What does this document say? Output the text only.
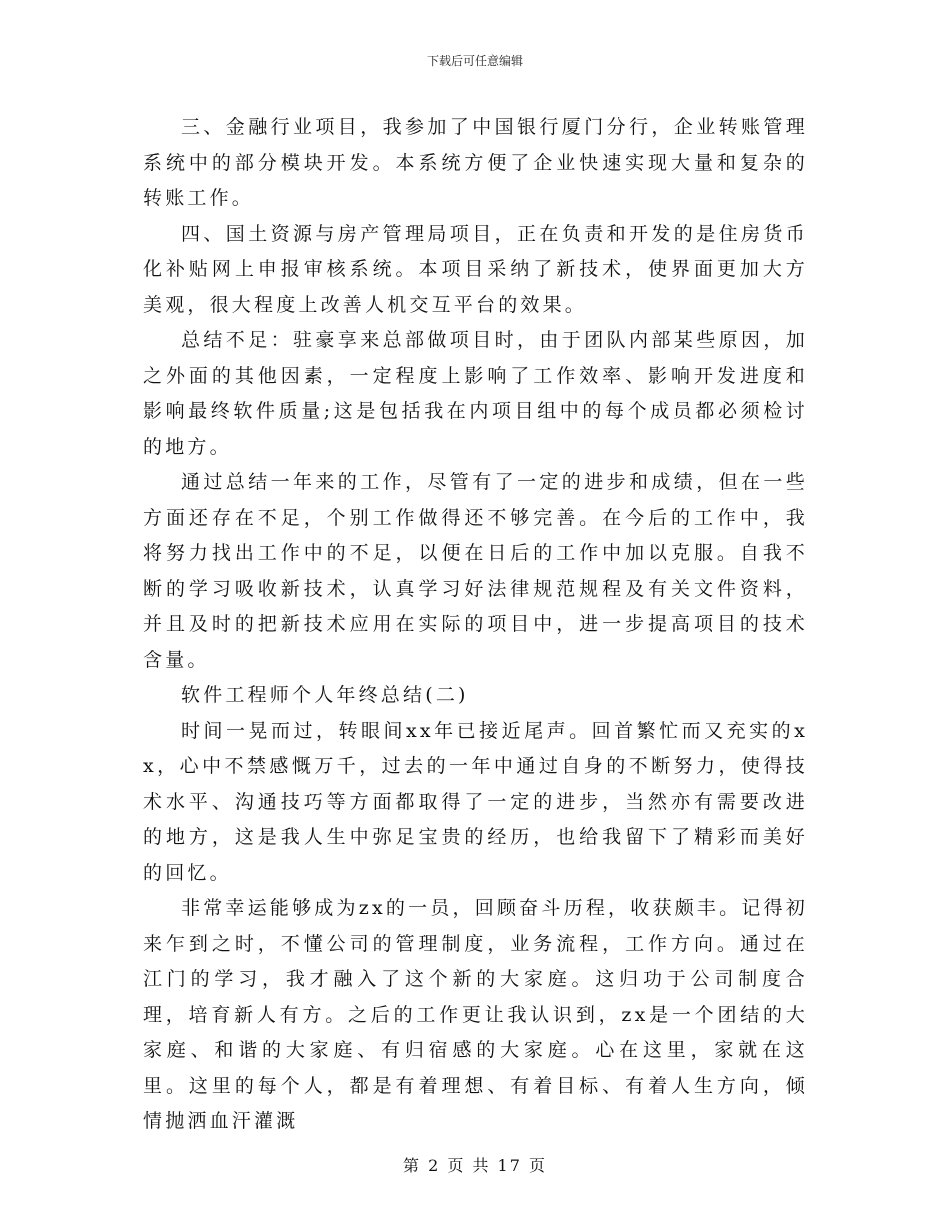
下载后可任意编辑

三、金融行业项目，我参加了中国银行厦门分行，企业转账管理系统中的部分模块开发。本系统方便了企业快速实现大量和复杂的转账工作。

四、国土资源与房产管理局项目，正在负责和开发的是住房货币化补贴网上申报审核系统。本项目采纳了新技术，使界面更加大方美观，很大程度上改善人机交互平台的效果。

总结不足：驻豪享来总部做项目时，由于团队内部某些原因，加之外面的其他因素，一定程度上影响了工作效率、影响开发进度和影响最终软件质量;这是包括我在内项目组中的每个成员都必须检讨的地方。

通过总结一年来的工作，尽管有了一定的进步和成绩，但在一些方面还存在不足，个别工作做得还不够完善。在今后的工作中，我将努力找出工作中的不足，以便在日后的工作中加以克服。自我不断的学习吸收新技术，认真学习好法律规范规程及有关文件资料，并且及时的把新技术应用在实际的项目中，进一步提高项目的技术含量。

软件工程师个人年终总结(二)

时间一晃而过，转眼间xx年已接近尾声。回首繁忙而又充实的xx，心中不禁感慨万千，过去的一年中通过自身的不断努力，使得技术水平、沟通技巧等方面都取得了一定的进步，当然亦有需要改进的地方，这是我人生中弥足宝贵的经历，也给我留下了精彩而美好的回忆。

非常幸运能够成为zx的一员，回顾奋斗历程，收获颇丰。记得初来乍到之时，不懂公司的管理制度，业务流程，工作方向。通过在江门的学习，我才融入了这个新的大家庭。这归功于公司制度合理，培育新人有方。之后的工作更让我认识到，zx是一个团结的大家庭、和谐的大家庭、有归宿感的大家庭。心在这里，家就在这里。这里的每个人，都是有着理想、有着目标、有着人生方向，倾情抛洒血汗灌溉

第 2 页 共 17 页
